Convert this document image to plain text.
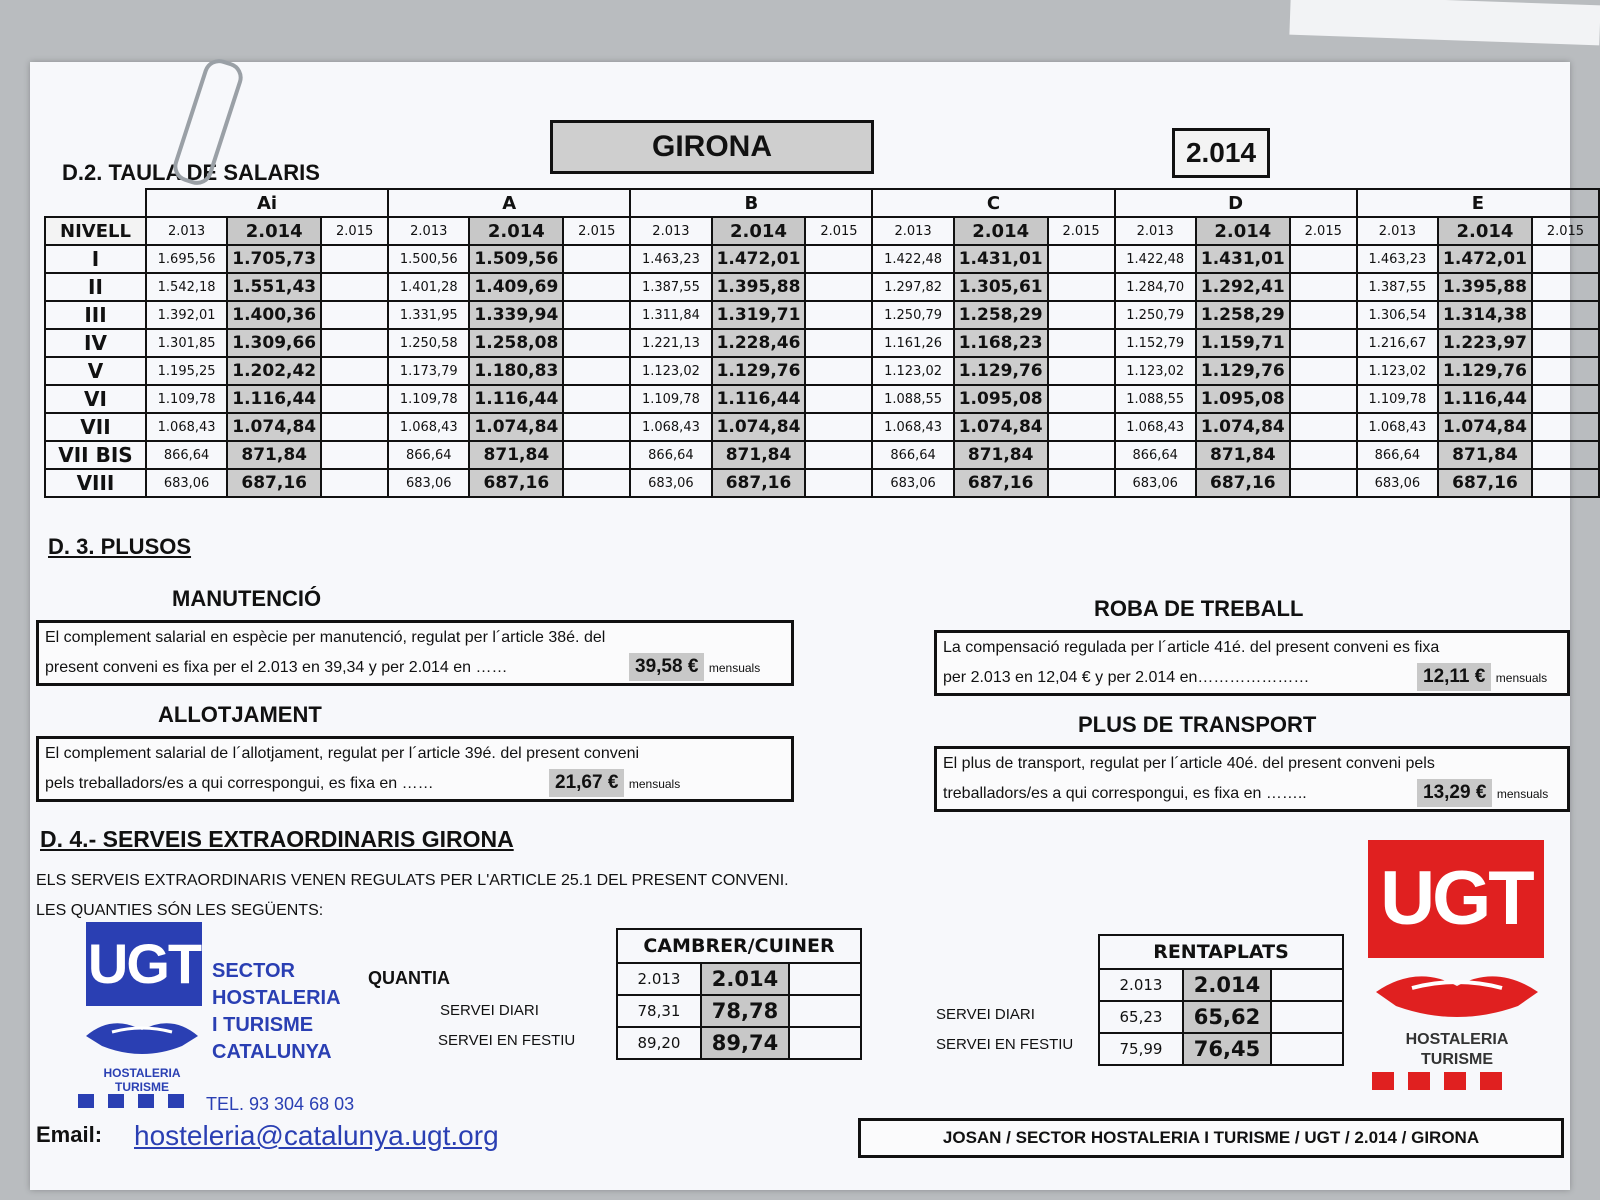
GIRONA	2.014
D.2. TAULA DE SALARIS
	Ai			A			B			C			D			E		
NIVELL	2.013	2.014	2.015	2.013	2.014	2.015	2.013	2.014	2.015	2.013	2.014	2.015	2.013	2.014	2.015	2.013	2.014	2.015
I	1.695,56	1.705,73		1.500,56	1.509,56		1.463,23	1.472,01		1.422,48	1.431,01		1.422,48	1.431,01		1.463,23	1.472,01	
II	1.542,18	1.551,43		1.401,28	1.409,69		1.387,55	1.395,88		1.297,82	1.305,61		1.284,70	1.292,41		1.387,55	1.395,88	
III	1.392,01	1.400,36		1.331,95	1.339,94		1.311,84	1.319,71		1.250,79	1.258,29		1.250,79	1.258,29		1.306,54	1.314,38	
IV	1.301,85	1.309,66		1.250,58	1.258,08		1.221,13	1.228,46		1.161,26	1.168,23		1.152,79	1.159,71		1.216,67	1.223,97	
V	1.195,25	1.202,42		1.173,79	1.180,83		1.123,02	1.129,76		1.123,02	1.129,76		1.123,02	1.129,76		1.123,02	1.129,76	
VI	1.109,78	1.116,44		1.109,78	1.116,44		1.109,78	1.116,44		1.088,55	1.095,08		1.088,55	1.095,08		1.109,78	1.116,44	
VII	1.068,43	1.074,84		1.068,43	1.074,84		1.068,43	1.074,84		1.068,43	1.074,84		1.068,43	1.074,84		1.068,43	1.074,84	
VII BIS	866,64	871,84		866,64	871,84		866,64	871,84		866,64	871,84		866,64	871,84		866,64	871,84	
VIII	683,06	687,16		683,06	687,16		683,06	687,16		683,06	687,16		683,06	687,16		683,06	687,16	
D. 3. PLUSOS
MANUTENCIÓ
El complement salarial en espècie per manutenció, regulat per l´article 38é. del
present conveni es fixa per el 2.013 en 39,34 y per 2.014 en ……	39,58 € mensuals
ALLOTJAMENT
El complement salarial de l´allotjament, regulat per l´article 39é. del present conveni
pels treballadors/es a qui correspongui, es fixa en ……	21,67 € mensuals
ROBA DE TREBALL
La compensació regulada per l´article 41é. del present conveni es fixa
per 2.013 en 12,04 € y per 2.014 en…………………	12,11 € mensuals
PLUS DE TRANSPORT
El plus de transport, regulat per l´article 40é. del present conveni pels
treballadors/es a qui correspongui, es fixa en ……..	13,29 € mensuals
D. 4.- SERVEIS EXTRAORDINARIS GIRONA
ELS SERVEIS EXTRAORDINARIS VENEN REGULATS PER L'ARTICLE 25.1 DEL PRESENT CONVENI.
LES QUANTIES SÓN LES SEGÜENTS:
UGT
HOSTALERIA
TURISME
SECTOR
HOSTALERIA
I TURISME
CATALUNYA
TEL. 93 304 68 03
Email: hosteleria@catalunya.ugt.org
QUANTIA
SERVEI DIARI
SERVEI EN FESTIU
CAMBRER/CUINER		
2.013	2.014	
78,31	78,78	
89,20	89,74	
SERVEI DIARI
SERVEI EN FESTIU
RENTAPLATS		
2.013	2.014	
65,23	65,62	
75,99	76,45	
UGT
HOSTALERIA
TURISME
JOSAN / SECTOR HOSTALERIA I TURISME / UGT / 2.014 / GIRONA
